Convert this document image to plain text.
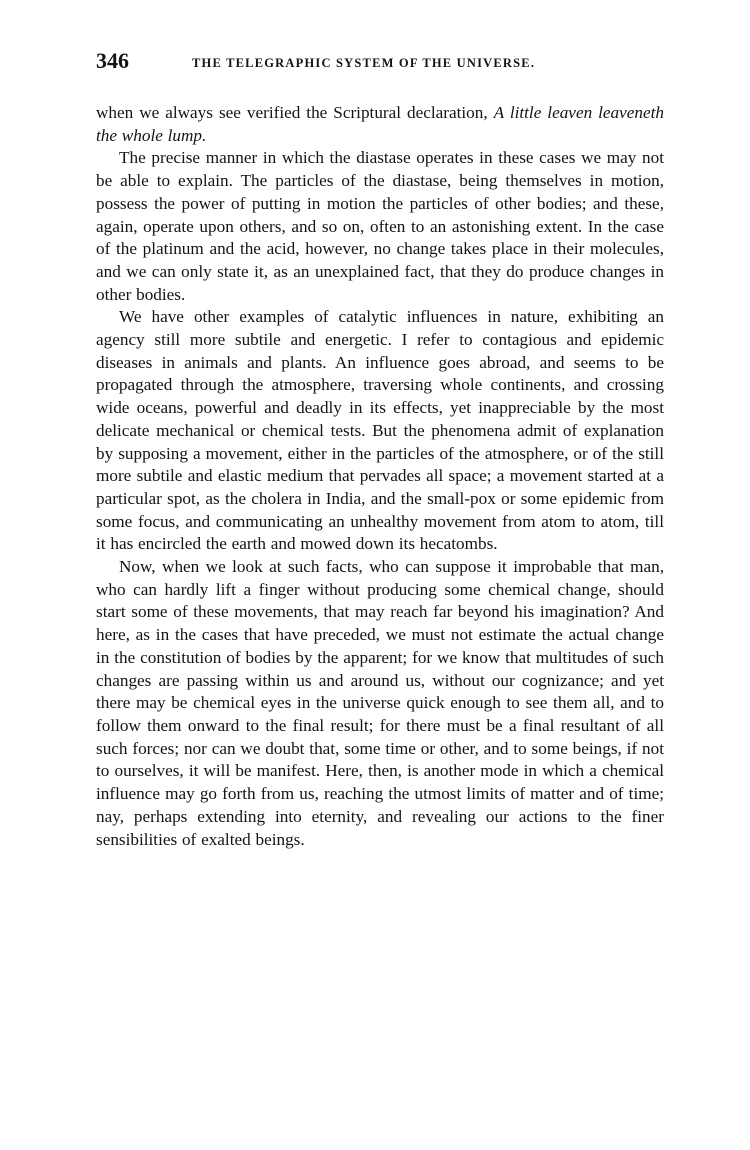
346	THE TELEGRAPHIC SYSTEM OF THE UNIVERSE.

when we always see verified the Scriptural declaration, A little leaven leaveneth the whole lump.

The precise manner in which the diastase operates in these cases we may not be able to explain. The particles of the diastase, being themselves in motion, possess the power of putting in motion the particles of other bodies; and these, again, operate upon others, and so on, often to an astonishing extent. In the case of the platinum and the acid, however, no change takes place in their molecules, and we can only state it, as an unexplained fact, that they do produce changes in other bodies.

We have other examples of catalytic influences in nature, exhibiting an agency still more subtile and energetic. I refer to contagious and epidemic diseases in animals and plants. An influence goes abroad, and seems to be propagated through the atmosphere, traversing whole continents, and crossing wide oceans, powerful and deadly in its effects, yet inappreciable by the most delicate mechanical or chemical tests. But the phenomena admit of explanation by supposing a movement, either in the particles of the atmosphere, or of the still more subtile and elastic medium that pervades all space; a movement started at a particular spot, as the cholera in India, and the small-pox or some epidemic from some focus, and communicating an unhealthy movement from atom to atom, till it has encircled the earth and mowed down its hecatombs.

Now, when we look at such facts, who can suppose it improbable that man, who can hardly lift a finger without producing some chemical change, should start some of these movements, that may reach far beyond his imagination? And here, as in the cases that have preceded, we must not estimate the actual change in the constitution of bodies by the apparent; for we know that multitudes of such changes are passing within us and around us, without our cognizance; and yet there may be chemical eyes in the universe quick enough to see them all, and to follow them onward to the final result; for there must be a final resultant of all such forces; nor can we doubt that, some time or other, and to some beings, if not to ourselves, it will be manifest. Here, then, is another mode in which a chemical influence may go forth from us, reaching the utmost limits of matter and of time; nay, perhaps extending into eternity, and revealing our actions to the finer sensibilities of exalted beings.
